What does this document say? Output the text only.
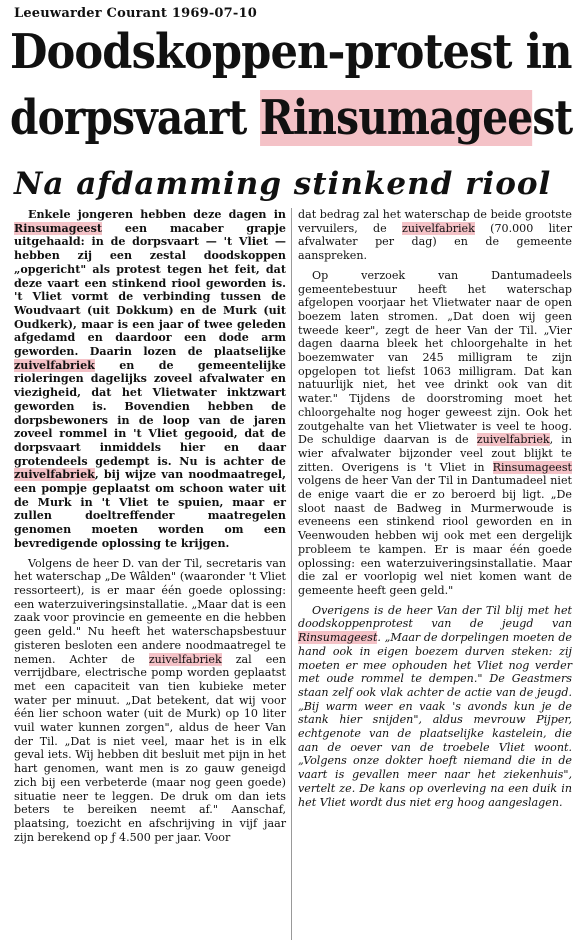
Leeuwarder Courant 1969-07-10
Doodskoppen-protest in
dorpsvaart Rinsumageest
Na afdamming stinkend riool

Enkele jongeren hebben deze dagen in Rinsumageest een macaber grapje uitgehaald: in de dorpsvaart — 't Vliet — hebben zij een zestal doodskoppen „opgericht" als protest tegen het feit, dat deze vaart een stinkend riool geworden is. 't Vliet vormt de verbinding tussen de Woudvaart (uit Dokkum) en de Murk (uit Oudkerk), maar is een jaar of twee geleden afgedamd en daardoor een dode arm geworden. Daarin lozen de plaatselijke zuivelfabriek en de gemeentelijke rioleringen dagelijks zoveel afvalwater en viezigheid, dat het Vlietwater inktzwart geworden is. Bovendien hebben de dorpsbewoners in de loop van de jaren zoveel rommel in 't Vliet gegooid, dat de dorpsvaart inmiddels hier en daar grotendeels gedempt is. Nu is achter de zuivelfabriek, bij wijze van noodmaatregel, een pompje geplaatst om schoon water uit de Murk in 't Vliet te spuien, maar er zullen doeltreffender maatregelen genomen moeten worden om een bevredigende oplossing te krijgen.

Volgens de heer D. van der Til, secretaris van het waterschap „De Wâlden" (waaronder 't Vliet ressorteert), is er maar één goede oplossing: een waterzuiveringsinstallatie. „Maar dat is een zaak voor provincie en gemeente en die hebben geen geld." Nu heeft het waterschapsbestuur gisteren besloten een andere noodmaatregel te nemen. Achter de zuivelfabriek zal een verrijdbare, electrische pomp worden geplaatst met een capaciteit van tien kubieke meter water per minuut. „Dat betekent, dat wij voor één lier schoon water (uit de Murk) op 10 liter vuil water kunnen zorgen", aldus de heer Van der Til. „Dat is niet veel, maar het is in elk geval iets. Wij hebben dit besluit met pijn in het hart genomen, want men is zo gauw geneigd zich bij een verbeterde (maar nog geen goede) situatie neer te leggen. De druk om dan iets beters te bereiken neemt af." Aanschaf, plaatsing, toezicht en afschrijving in vijf jaar zijn berekend op ƒ 4.500 per jaar. Voor

dat bedrag zal het waterschap de beide grootste vervuilers, de zuivelfabriek (70.000 liter afvalwater per dag) en de gemeente aanspreken.

Op verzoek van Dantumadeels gemeentebestuur heeft het waterschap afgelopen voorjaar het Vlietwater naar de open boezem laten stromen. „Dat doen wij geen tweede keer", zegt de heer Van der Til. „Vier dagen daarna bleek het chloorgehalte in het boezemwater van 245 milligram te zijn opgelopen tot liefst 1063 milligram. Dat kan natuurlijk niet, het vee drinkt ook van dit water." Tijdens de doorstroming moet het chloorgehalte nog hoger geweest zijn. Ook het zoutgehalte van het Vlietwater is veel te hoog. De schuldige daarvan is de zuivelfabriek, in wier afvalwater bijzonder veel zout blijkt te zitten. Overigens is 't Vliet in Rinsumageest volgens de heer Van der Til in Dantumadeel niet de enige vaart die er zo beroerd bij ligt. „De sloot naast de Badweg in Murmerwoude is eveneens een stinkend riool geworden en in Veenwouden hebben wij ook met een dergelijk probleem te kampen. Er is maar één goede oplossing: een waterzuiveringsinstallatie. Maar die zal er voorlopig wel niet komen want de gemeente heeft geen geld."

Overigens is de heer Van der Til blij met het doodskoppenprotest van de jeugd van Rinsumageest. „Maar de dorpelingen moeten de hand ook in eigen boezem durven steken: zij moeten er mee ophouden het Vliet nog verder met oude rommel te dempen." De Geastmers staan zelf ook vlak achter de actie van de jeugd. „Bij warm weer en vaak 's avonds kun je de stank hier snijden", aldus mevrouw Pijper, echtgenote van de plaatselijke kastelein, die aan de oever van de troebele Vliet woont. „Volgens onze dokter hoeft niemand die in de vaart is gevallen meer naar het ziekenhuis", vertelt ze. De kans op overleving na een duik in het Vliet wordt dus niet erg hoog aangeslagen.
